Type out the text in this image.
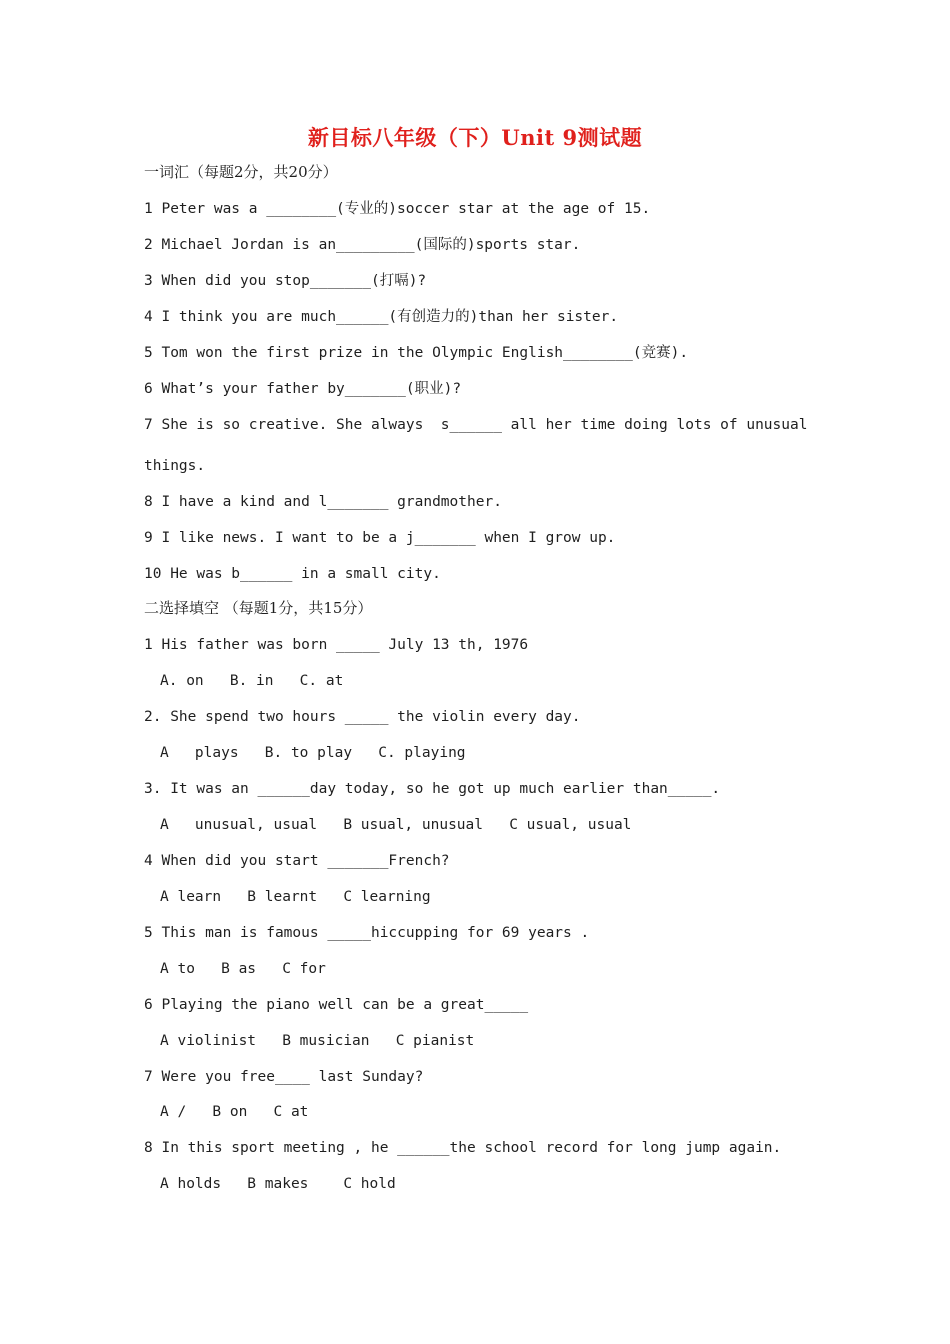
新目标八年级（下）Unit 9测试题
一词汇（每题2分，共20分）
1 Peter was a ________(专业的)soccer star at the age of 15.
2 Michael Jordan is an_________(国际的)sports star.
3 When did you stop_______(打嗝)?
4 I think you are much______(有创造力的)than her sister.
5 Tom won the first prize in the Olympic English________(竞赛).
6 What’s your father by_______(职业)?
7 She is so creative. She always  s______ all her time doing lots of unusual
things.
8 I have a kind and l_______ grandmother.
9 I like news. I want to be a j_______ when I grow up.
10 He was b______ in a small city.
二选择填空 （每题1分，共15分）
1 His father was born _____ July 13 th, 1976
A. on   B. in   C. at
2. She spend two hours _____ the violin every day.
A   plays   B. to play   C. playing
3. It was an ______day today, so he got up much earlier than_____.
A   unusual, usual   B usual, unusual   C usual, usual
4 When did you start _______French?
A learn   B learnt   C learning
5 This man is famous _____hiccupping for 69 years .
A to   B as   C for
6 Playing the piano well can be a great_____
A violinist   B musician   C pianist
7 Were you free____ last Sunday?
A /   B on   C at
8 In this sport meeting , he ______the school record for long jump again.
A holds   B makes    C hold
